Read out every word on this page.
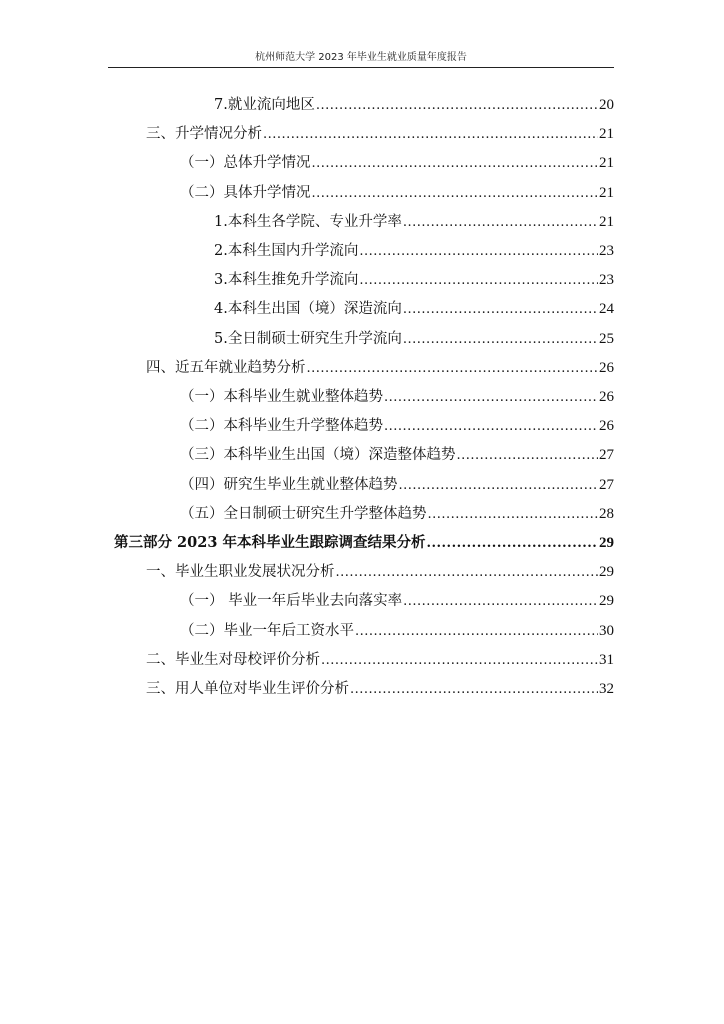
杭州师范大学 2023 年毕业生就业质量年度报告
7.就业流向地区 .....	20
三、升学情况分析 .....	21
（一）总体升学情况 .....	21
（二）具体升学情况 .....	21
1.本科生各学院、专业升学率 .....	21
2.本科生国内升学流向 .....	23
3.本科生推免升学流向 .....	23
4.本科生出国（境）深造流向 .....	24
5.全日制硕士研究生升学流向 .....	25
四、近五年就业趋势分析 .....	26
（一）本科毕业生就业整体趋势 .....	26
（二）本科毕业生升学整体趋势 .....	26
（三）本科毕业生出国（境）深造整体趋势 .....	27
（四）研究生毕业生就业整体趋势 .....	27
（五）全日制硕士研究生升学整体趋势 .....	28
第三部分 2023 年本科毕业生跟踪调查结果分析 .....	29
一、毕业生职业发展状况分析 .....	29
（一） 毕业一年后毕业去向落实率 .....	29
（二）毕业一年后工资水平 .....	30
二、毕业生对母校评价分析 .....	31
三、用人单位对毕业生评价分析 .....	32
